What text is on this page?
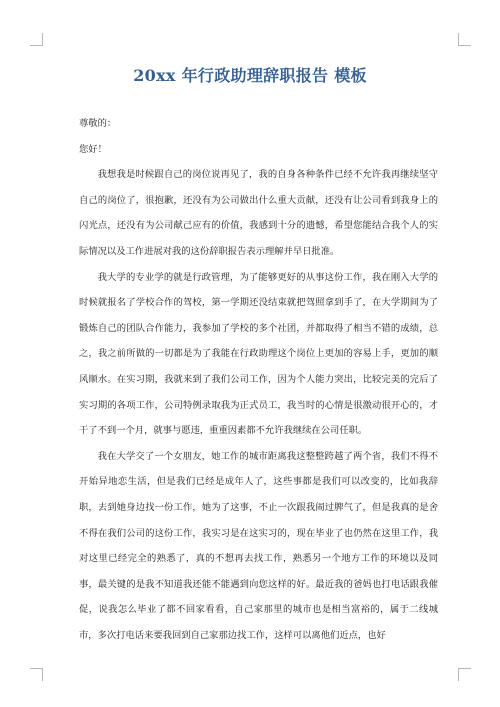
20xx 年行政助理辞职报告 模板

尊敬的：

您好！

我想我是时候跟自己的岗位说再见了，我的自身各种条件已经不允许我再继续坚守自己的岗位了，很抱歉，还没有为公司做出什么重大贡献，还没有让公司看到我身上的闪光点，还没有为公司献己应有的价值，我感到十分的遗憾，希望您能结合我个人的实际情况以及工作进展对我的这份辞职报告表示理解并早日批准。

我大学的专业学的就是行政管理，为了能够更好的从事这份工作，我在刚入大学的时候就报名了学校合作的驾校，第一学期还没结束就把驾照拿到手了，在大学期间为了锻炼自己的团队合作能力，我参加了学校的多个社团，并都取得了相当不错的成绩，总之，我之前所做的一切都是为了我能在行政助理这个岗位上更加的容易上手，更加的顺风顺水。在实习期，我就来到了我们公司工作，因为个人能力突出，比较完美的完后了实习期的各项工作，公司特例录取我为正式员工，我当时的心情是很激动很开心的，才干了不到一个月，就事与愿违，重重因素都不允许我继续在公司任职。

我在大学交了一个女朋友，她工作的城市距离我这整整跨越了两个省，我们不得不开始异地恋生活，但是我们已经是成年人了，这些事都是我们可以改变的，比如我辞职，去到她身边找一份工作，她为了这事，不止一次跟我闹过脾气了，但是我真的是舍不得在我们公司的这份工作，我实习是在这实习的，现在毕业了也仍然在这里工作，我对这里已经完全的熟悉了，真的不想再去找工作，熟悉另一个地方工作的环境以及同事，最关键的是我不知道我还能不能遇到向您这样的好。最近我的爸妈也打电话跟我催促，说我怎么毕业了都不回家看看，自己家那里的城市也是相当富裕的，属于二线城市，多次打电话来要我回到自己家那边找工作，这样可以离他们近点，也好
